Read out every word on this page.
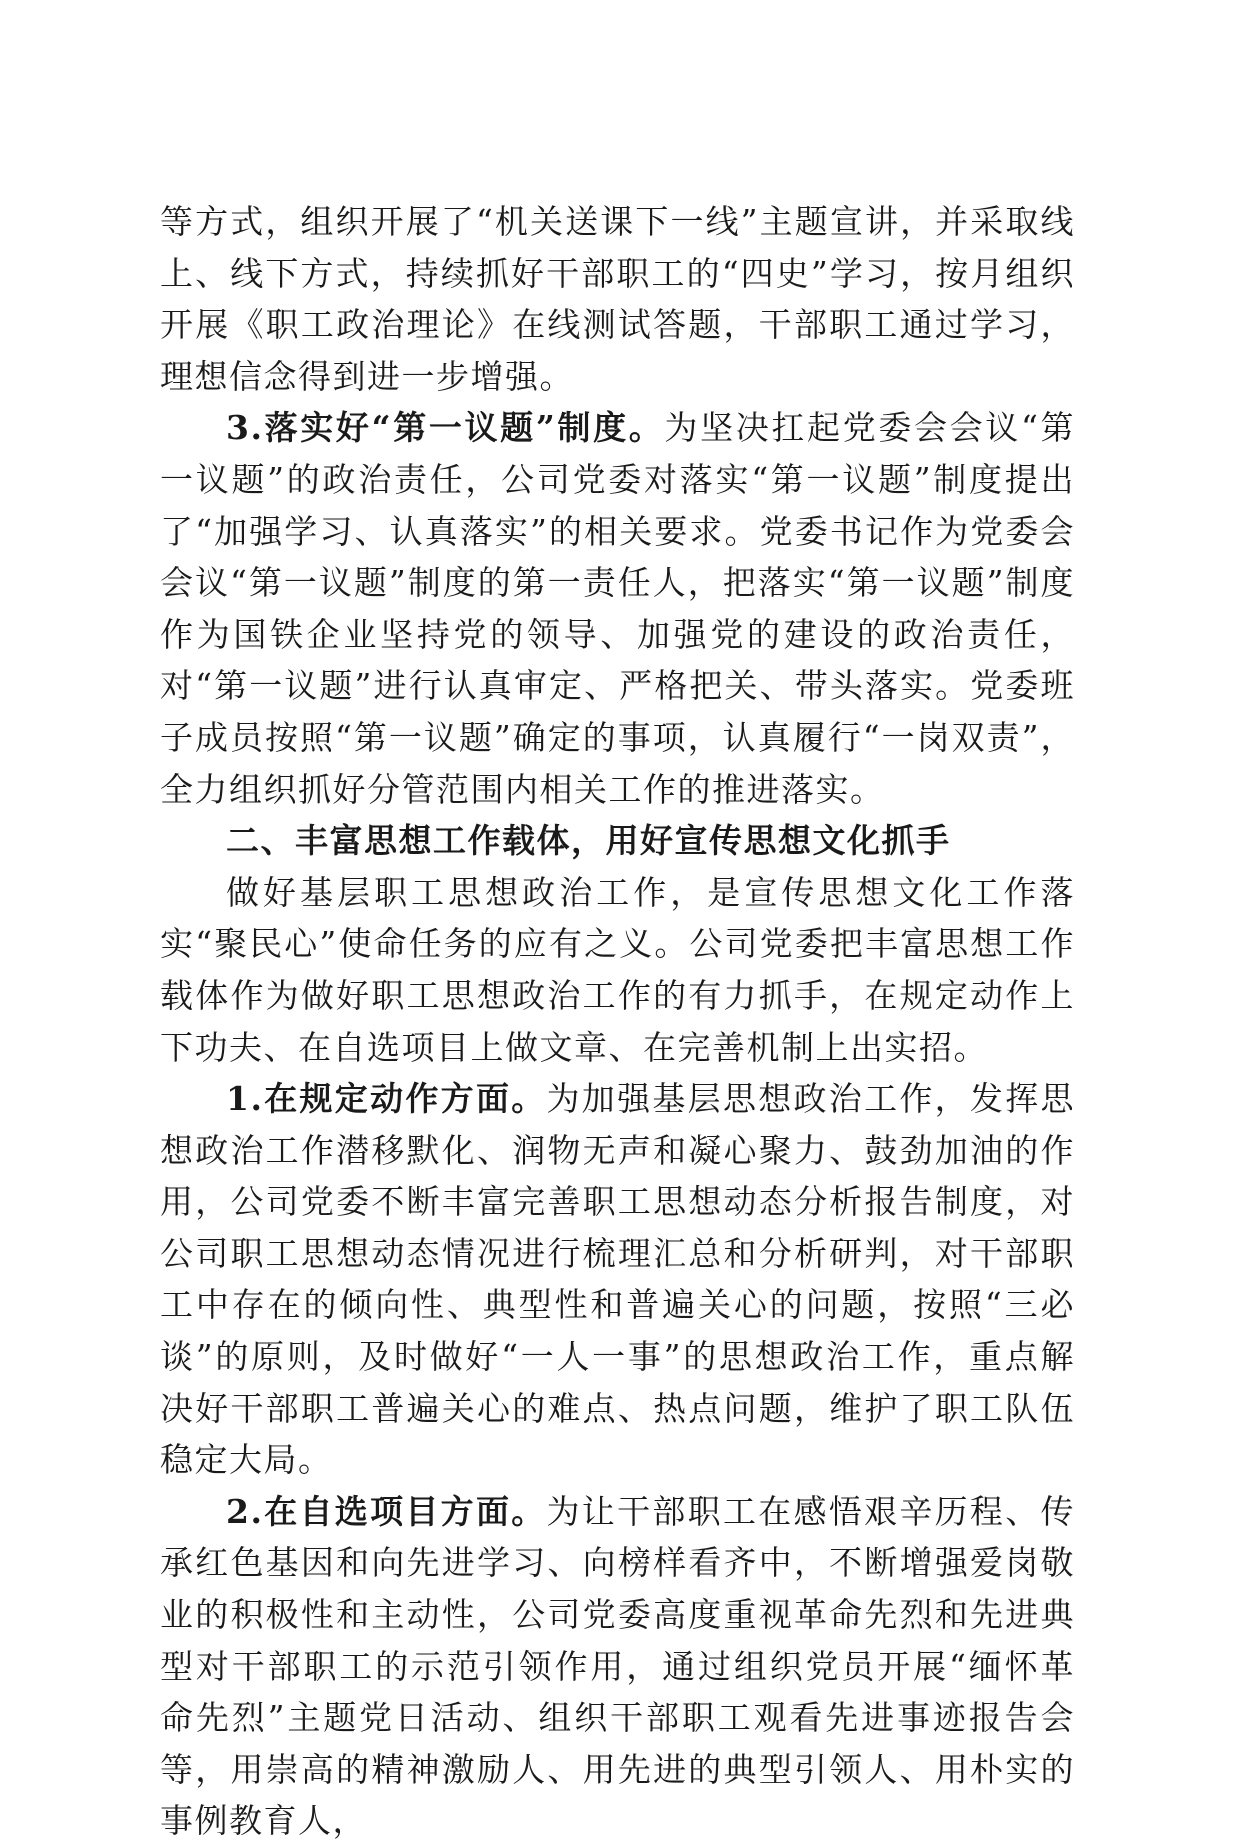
等方式，组织开展了“机关送课下一线”主题宣讲，并采取线上、线下方式，持续抓好干部职工的“四史”学习，按月组织开展《职工政治理论》在线测试答题，干部职工通过学习，理想信念得到进一步增强。

3.落实好“第一议题”制度。为坚决扛起党委会会议“第一议题”的政治责任，公司党委对落实“第一议题”制度提出了“加强学习、认真落实”的相关要求。党委书记作为党委会会议“第一议题”制度的第一责任人，把落实“第一议题”制度作为国铁企业坚持党的领导、加强党的建设的政治责任，对“第一议题”进行认真审定、严格把关、带头落实。党委班子成员按照“第一议题”确定的事项，认真履行“一岗双责”，全力组织抓好分管范围内相关工作的推进落实。

二、丰富思想工作载体，用好宣传思想文化抓手

做好基层职工思想政治工作，是宣传思想文化工作落实“聚民心”使命任务的应有之义。公司党委把丰富思想工作载体作为做好职工思想政治工作的有力抓手，在规定动作上下功夫、在自选项目上做文章、在完善机制上出实招。

1.在规定动作方面。为加强基层思想政治工作，发挥思想政治工作潜移默化、润物无声和凝心聚力、鼓劲加油的作用，公司党委不断丰富完善职工思想动态分析报告制度，对公司职工思想动态情况进行梳理汇总和分析研判，对干部职工中存在的倾向性、典型性和普遍关心的问题，按照“三必谈”的原则，及时做好“一人一事”的思想政治工作，重点解决好干部职工普遍关心的难点、热点问题，维护了职工队伍稳定大局。

2.在自选项目方面。为让干部职工在感悟艰辛历程、传承红色基因和向先进学习、向榜样看齐中，不断增强爱岗敬业的积极性和主动性，公司党委高度重视革命先烈和先进典型对干部职工的示范引领作用，通过组织党员开展“缅怀革命先烈”主题党日活动、组织干部职工观看先进事迹报告会等，用崇高的精神激励人、用先进的典型引领人、用朴实的事例教育人，
